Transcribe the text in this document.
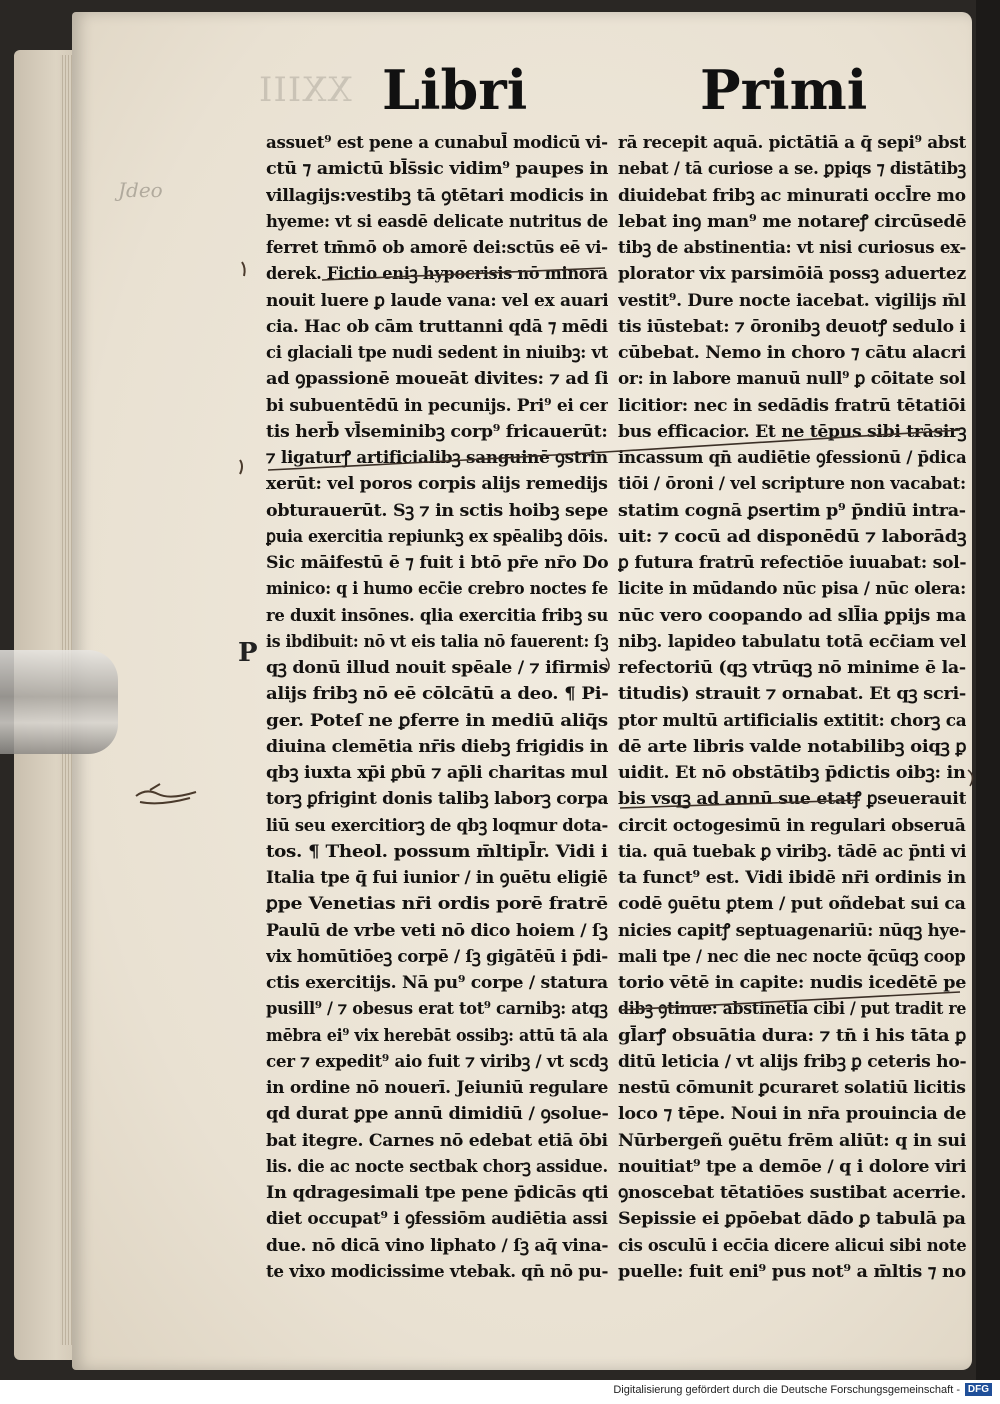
XXIII Libri	Primi
assuet⁹ est pene a cunabul̄ modicū vi-
ctū ⁊ amictū bl̄s̄sic vidim⁹ paupes in
villagijs:vestibꝫ tā ꝯtētari modicis in
hyeme: vt si easdē delicate nutritus de
ferret tm̄mō ob amorē dei:sctūs eē vi-
derek. Fictio eniꝫ hypocrisis nō minora
nouit luere ꝑ laude vana: vel ex auari
cia. Hac ob cām truttanni qdā ⁊ mēdi
ci glaciali tpe nudi sedent in niuibꝫ: vt
ad ꝯpassionē moueāt divites: ⁊ ad ſi
bi subuentēdū in pecunijs. Pri⁹ ei cer
tis herb̄ vl̄seminibꝫ corp⁹ fricauerūt:
⁊ ligaturꝭ artificialibꝫ sanguinē ꝯstrin
xerūt: vel poros corpis alijs remedijs
obturauerūt. Sꝫ ⁊ in sctis hoibꝫ sepe
ꝑuia exercitia repiunkꝫ ex spēalibꝫ dōis.
Sic māifestū ē ⁊ fuit i btō pr̄e nr̄o Do
minico: q i humo ecc̄ie crebro noctes fe
re duxit insōnes. qlia exercitia fribꝫ su
is ibdibuit: nō vt eis talia nō fauerent: ſꝫ
qꝫ donū illud nouit spēale / ⁊ ifirmis
alijs fribꝫ nō eē cōlcātū a deo. ¶ Pi-
ger. Poteſ ne ꝑferre in mediū aliq̄s
diuina clemētia nr̄is diebꝫ frigidis in
qbꝫ iuxta xp̄i ꝑbū ⁊ ap̄li charitas mul
torꝫ ꝑfrigint donis talibꝫ laborꝫ corpa
liū seu exercitiorꝫ de qbꝫ loqmur dota-
tos. ¶ Theol. possum m̄ltipl̄r. Vidi i
Italia tpe q̄ fui iunior / in ꝯuētu eligiē
ꝑpe Venetias nr̄i ordis porē fratrē
Paulū de vrbe veti nō dico hoiem / ſꝫ
vix homūtiōeꝫ corpē / ſꝫ gigātēū i p̄di-
ctis exercitijs. Nā pu⁹ corpe / statura
pusill⁹ / ⁊ obesus erat tot⁹ carnibꝫ: atqꝫ
mēbra ei⁹ vix herebāt ossibꝫ: attū tā ala
cer ⁊ expedit⁹ aio fuit ⁊ viribꝫ / vt scdꝫ
in ordine nō nouerī. Jeiuniū regulare
qd durat ꝑpe annū dimidiū / ꝯsolue-
bat itegre. Carnes nō edebat etiā ōbi
lis. die ac nocte sectbak chorꝫ assidue.
In qdragesimali tpe pene p̄dicās qti
diet occupat⁹ i ꝯfessiōm audiētia assi
due. nō dicā vino liphato / ſꝫ aq̄ vina-
te vixo modicissime vtebak. qn̄ nō pu-
rā recepit aquā. pictātiā a q̄ sepi⁹ abst
nebat / tā curiose a se. ꝑpiqs ⁊ distātibꝫ
diuidebat fribꝫ ac minurati occl̄re mo
lebat inꝯ man⁹ me notareꝭ circūsedē
tibꝫ de abstinentia: vt nisi curiosus ex-
plorator vix parsimōiā possꝫ aduertez
vestit⁹. Dure nocte iacebat. vigilijs m̄l
tis iūstebat: ⁊ ōronibꝫ deuotꝭ sedulo i
cūbebat. Nemo in choro ⁊ cātu alacri
or: in labore manuū null⁹ ꝑ cōitate sol
licitior: nec in sedādis fratrū tētatiōi
bus efficacior. Et ne tēpus sibi trāsirꝫ
incassum qn̄ audiētie ꝯfessionū / p̄dica
tiōi / ōroni / vel scripture non vacabat:
statim cognā ꝑsertim p⁹ p̄ndiū intra-
uit: ⁊ cocū ad disponēdū ⁊ laborādꝫ
ꝑ futura fratrū refectiōe iuuabat: sol-
licite in mūdando nūc pisa / nūc olera:
nūc vero coopando ad sll̄ia ꝑpijs ma
nibꝫ. lapideo tabulatu totā ecc̄iam vel
refectoriū (qꝫ vtrūqꝫ nō minime ē la-
titudis) strauit ⁊ ornabat. Et qꝫ scri-
ptor multū artificialis extitit: chorꝫ ca
dē arte libris valde notabilibꝫ oiqꝫ ꝑ
uidit. Et nō obstātibꝫ p̄dictis oibꝫ: in
bis vsqꝫ ad annū sue etatꝭ ꝑseuerauit
circit octogesimū in regulari obseruā
tia. quā tuebak ꝑ viribꝫ. tādē ac p̄nti vi
ta funct⁹ est. Vidi ibidē nr̄i ordinis in
codē ꝯuētu ꝑtem / put oñdebat sui ca
nicies capitꝭ septuagenariū: nūqꝫ hye-
mali tpe / nec die nec nocte q̄cūqꝫ coop
torio vētē in capite: nudis icedētē pe
dibꝫ ꝯtinue: abstinētia cibi / put tradit re
gl̄arꝭ obsuātia dura: ⁊ tn̄ i his tāta ꝑ
ditū leticia / vt alijs fribꝫ ꝑ ceteris ho-
nestū cōmunit ꝑcuraret solatiū licitis
loco ⁊ tēpe. Noui in nr̄a prouincia de
Nūrbergeñ ꝯuētu frēm aliūt: q in sui
nouitiat⁹ tpe a demōe / q i dolore viri
ꝯnoscebat tētatiōes sustibat acerrie.
Sepissie ei ꝑpōebat dādo ꝑ tabulā pa
cis osculū i ecc̄ia dicere alicui sibi note
puelle: fuit eni⁹ pus not⁹ a m̄ltis ⁊ no
P
Jdeo
Digitalisierung gefördert durch die Deutsche Forschungsgemeinschaft - DFG
